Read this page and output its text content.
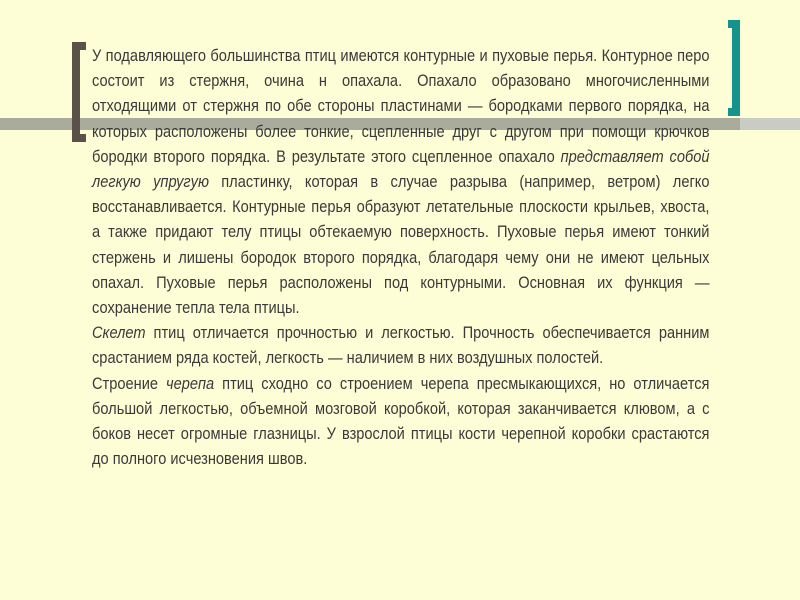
У подавляющего большинства птиц имеются контурные и пуховые перья. Контурное перо состоит из стержня, очина н опахала. Опахало образовано многочисленными отходящими от стержня по обе стороны пластинами — бородками первого порядка, на которых расположены более тонкие, сцепленные друг с другом при помощи крючков бородки второго порядка. В результате этого сцепленное опахало представляет собой легкую упругую пластинку, которая в случае разрыва (например, ветром) легко восстанавливается. Контурные перья образуют летательные плоскости крыльев, хвоста, а также придают телу птицы обтекаемую поверхность. Пуховые перья имеют тонкий стержень и лишены бородок второго порядка, благодаря чему они не имеют цельных опахал. Пуховые перья расположены под контурными. Основная их функция — сохранение тепла тела птицы.

Скелет птиц отличается прочностью и легкостью. Прочность обеспечивается ранним срастанием ряда костей, легкость — наличием в них воздушных полостей.

Строение черепа птиц сходно со строением черепа пресмыкающихся, но отличается большой легкостью, объемной мозговой коробкой, которая заканчивается клювом, а с боков несет огромные глазницы. У взрослой птицы кости черепной коробки срастаются до полного исчезновения швов.
